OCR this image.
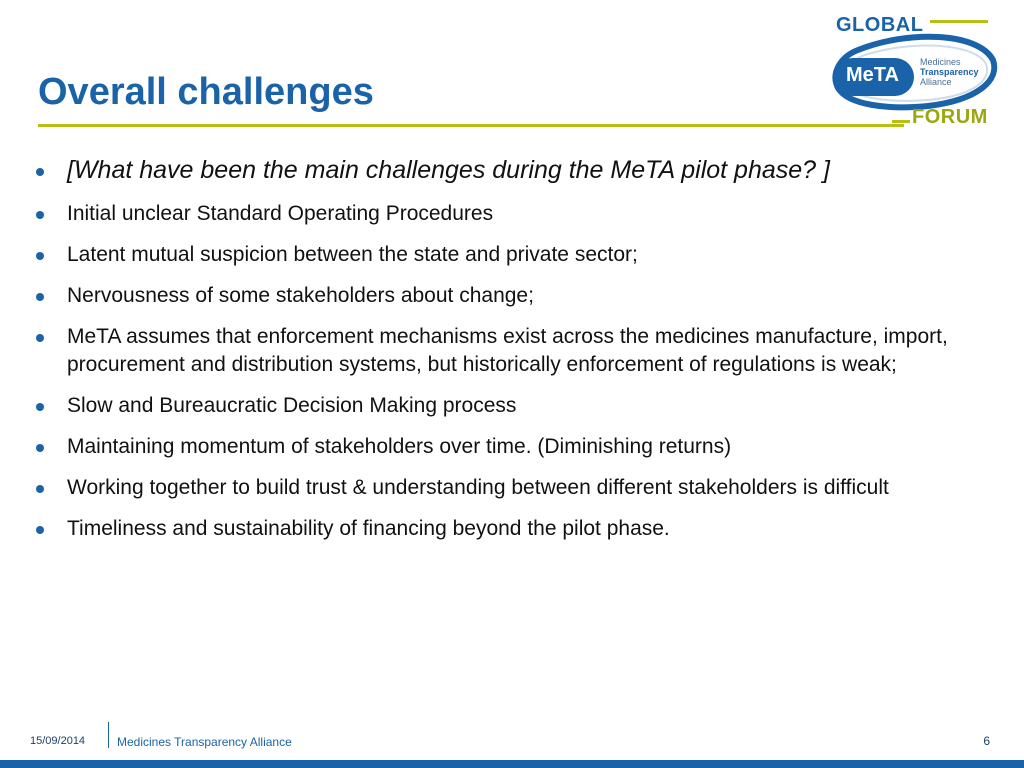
Overall challenges
GLOBAL
MeTA
Medicines
Transparency
Alliance
FORUM
[What have been the main challenges during the MeTA pilot phase? ]
Initial unclear Standard Operating Procedures
Latent mutual suspicion between the state and private sector;
Nervousness of some stakeholders about change;
MeTA assumes that enforcement mechanisms exist across the medicines manufacture, import, procurement and distribution systems, but historically enforcement of regulations is weak;
Slow and Bureaucratic Decision Making process
Maintaining momentum of stakeholders over time. (Diminishing returns)
Working together to build trust & understanding between different stakeholders is difficult
Timeliness and sustainability of financing beyond the pilot phase.
15/09/2014	Medicines Transparency Alliance	6
